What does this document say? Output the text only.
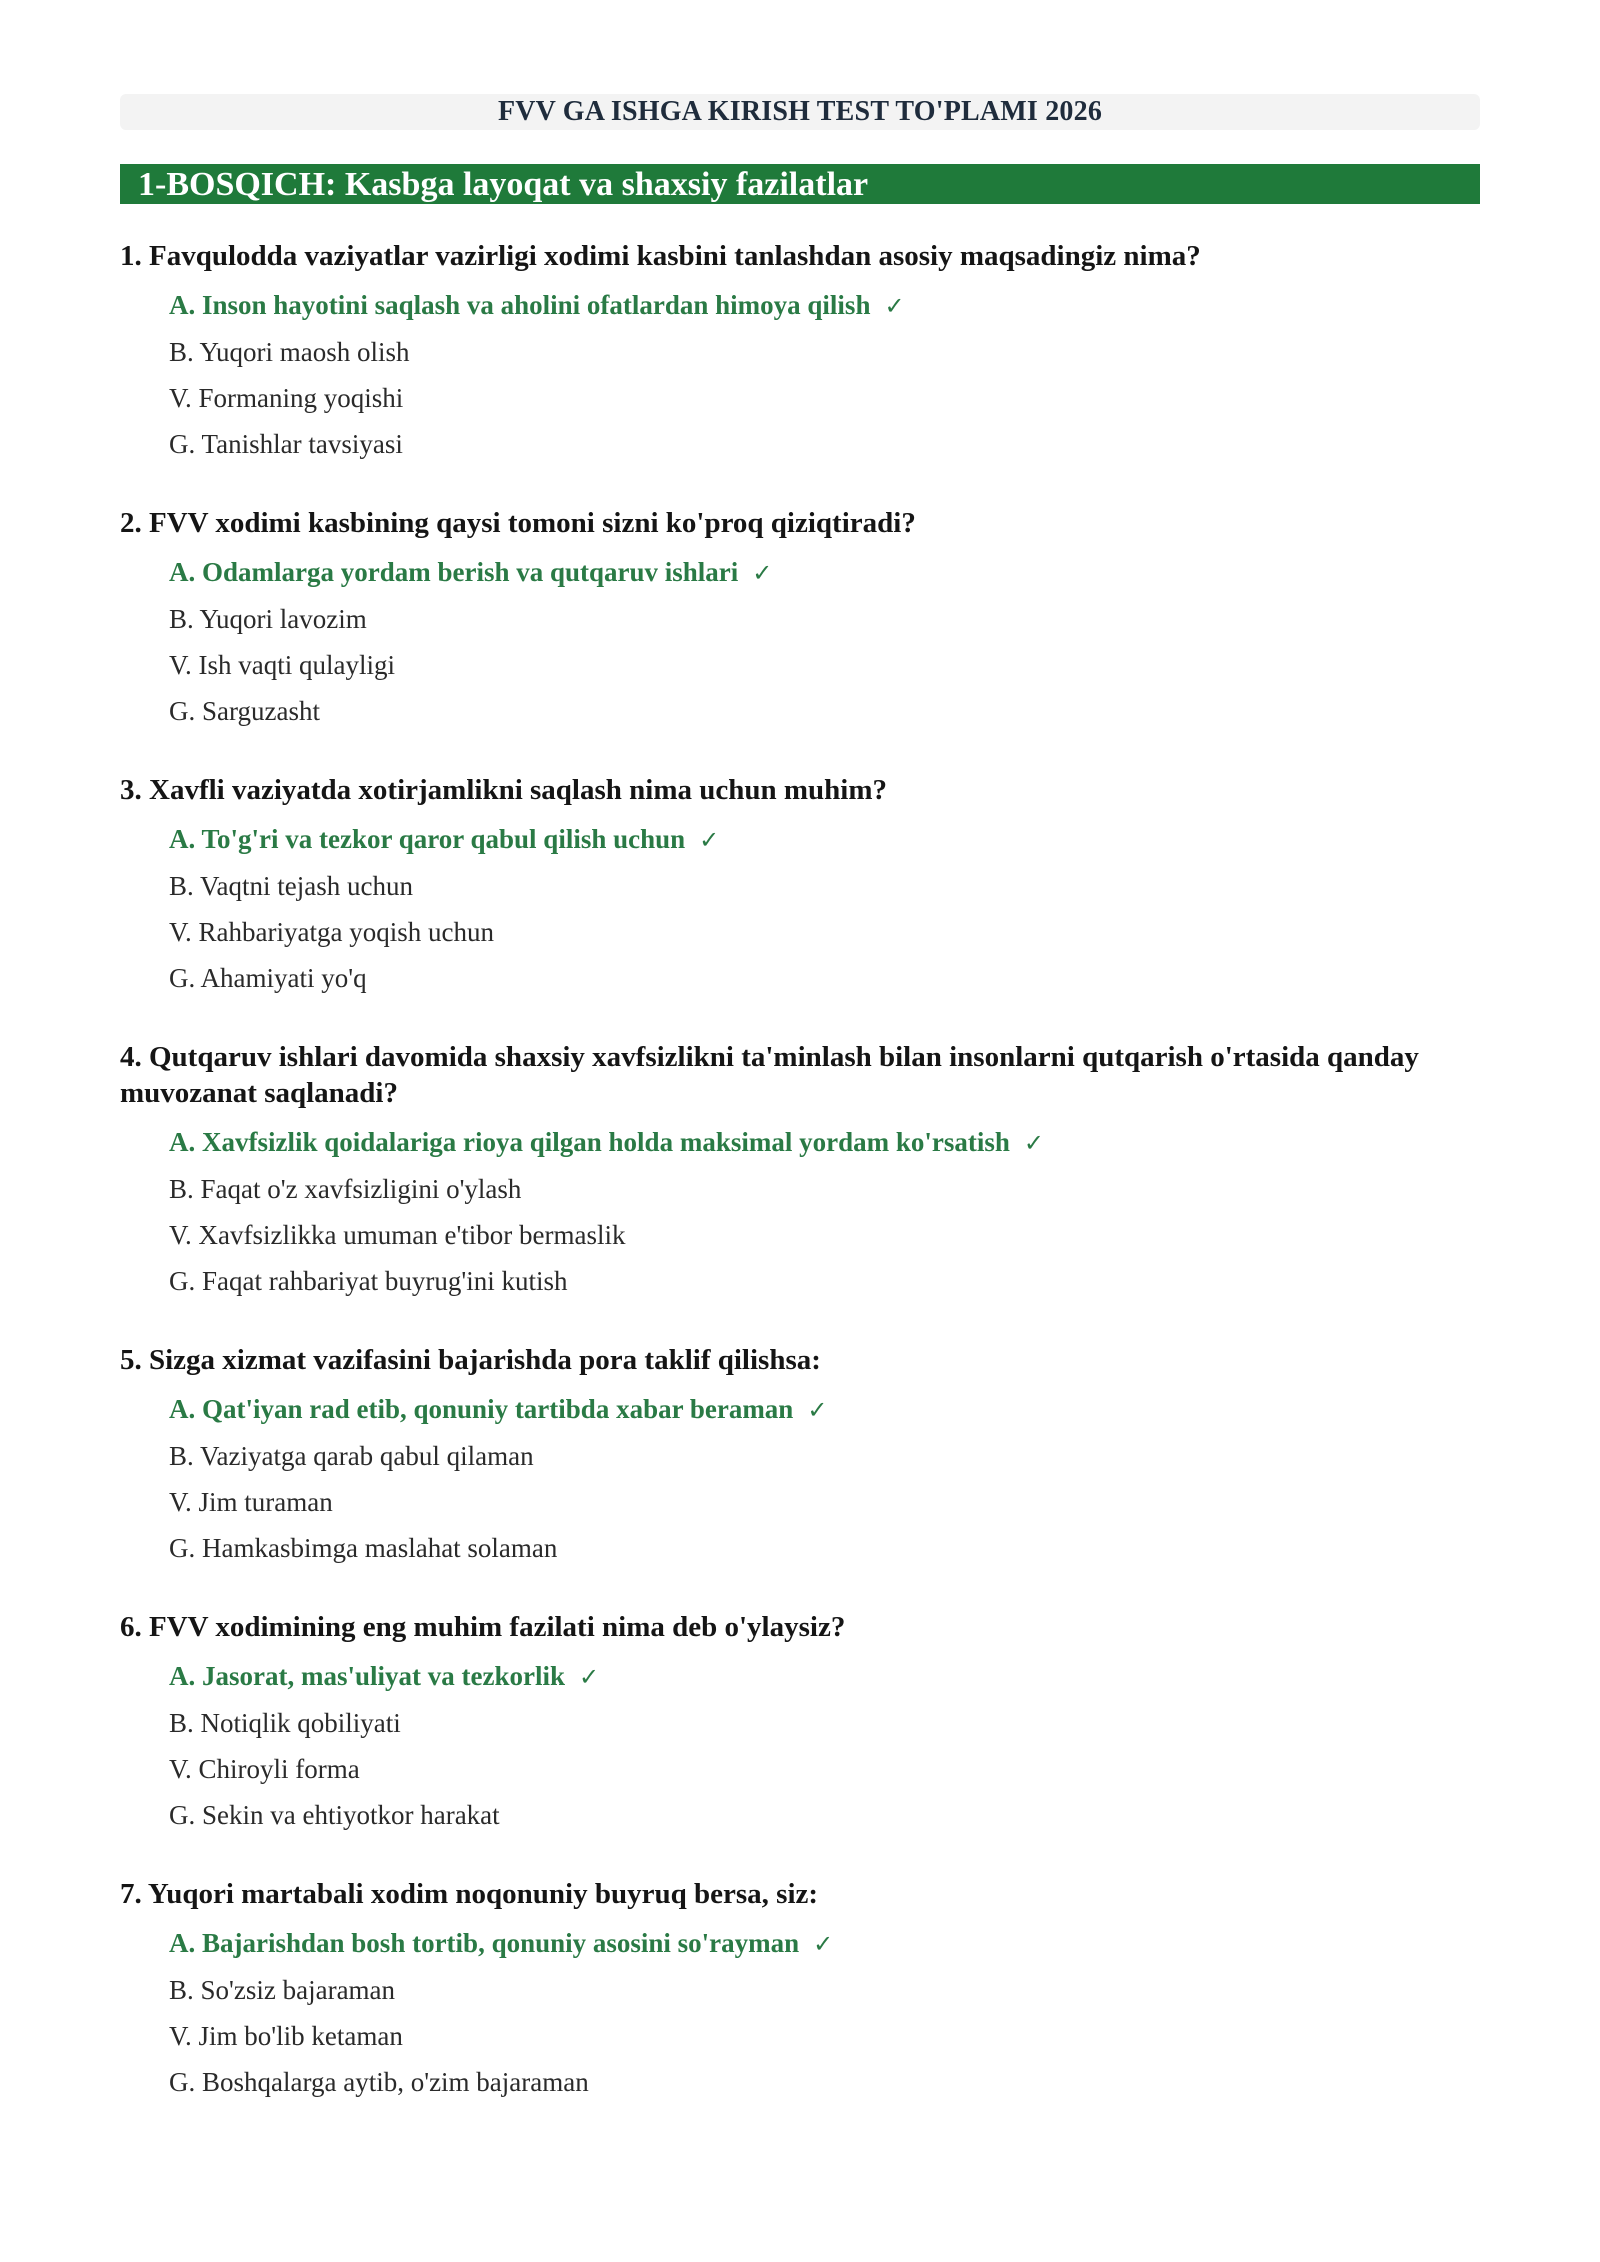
FVV GA ISHGA KIRISH TEST TO'PLAMI 2026
1-BOSQICH: Kasbga layoqat va shaxsiy fazilatlar
1. Favqulodda vaziyatlar vazirligi xodimi kasbini tanlashdan asosiy maqsadingiz nima?
A. Inson hayotini saqlash va aholini ofatlardan himoya qilish ✓
B. Yuqori maosh olish
V. Formaning yoqishi
G. Tanishlar tavsiyasi
2. FVV xodimi kasbining qaysi tomoni sizni ko'proq qiziqtiradi?
A. Odamlarga yordam berish va qutqaruv ishlari ✓
B. Yuqori lavozim
V. Ish vaqti qulayligi
G. Sarguzasht
3. Xavfli vaziyatda xotirjamlikni saqlash nima uchun muhim?
A. To'g'ri va tezkor qaror qabul qilish uchun ✓
B. Vaqtni tejash uchun
V. Rahbariyatga yoqish uchun
G. Ahamiyati yo'q
4. Qutqaruv ishlari davomida shaxsiy xavfsizlikni ta'minlash bilan insonlarni qutqarish o'rtasida qanday muvozanat saqlanadi?
A. Xavfsizlik qoidalariga rioya qilgan holda maksimal yordam ko'rsatish ✓
B. Faqat o'z xavfsizligini o'ylash
V. Xavfsizlikka umuman e'tibor bermaslik
G. Faqat rahbariyat buyrug'ini kutish
5. Sizga xizmat vazifasini bajarishda pora taklif qilishsa:
A. Qat'iyan rad etib, qonuniy tartibda xabar beraman ✓
B. Vaziyatga qarab qabul qilaman
V. Jim turaman
G. Hamkasbimga maslahat solaman
6. FVV xodimining eng muhim fazilati nima deb o'ylaysiz?
A. Jasorat, mas'uliyat va tezkorlik ✓
B. Notiqlik qobiliyati
V. Chiroyli forma
G. Sekin va ehtiyotkor harakat
7. Yuqori martabali xodim noqonuniy buyruq bersa, siz:
A. Bajarishdan bosh tortib, qonuniy asosini so'rayman ✓
B. So'zsiz bajaraman
V. Jim bo'lib ketaman
G. Boshqalarga aytib, o'zim bajaraman
